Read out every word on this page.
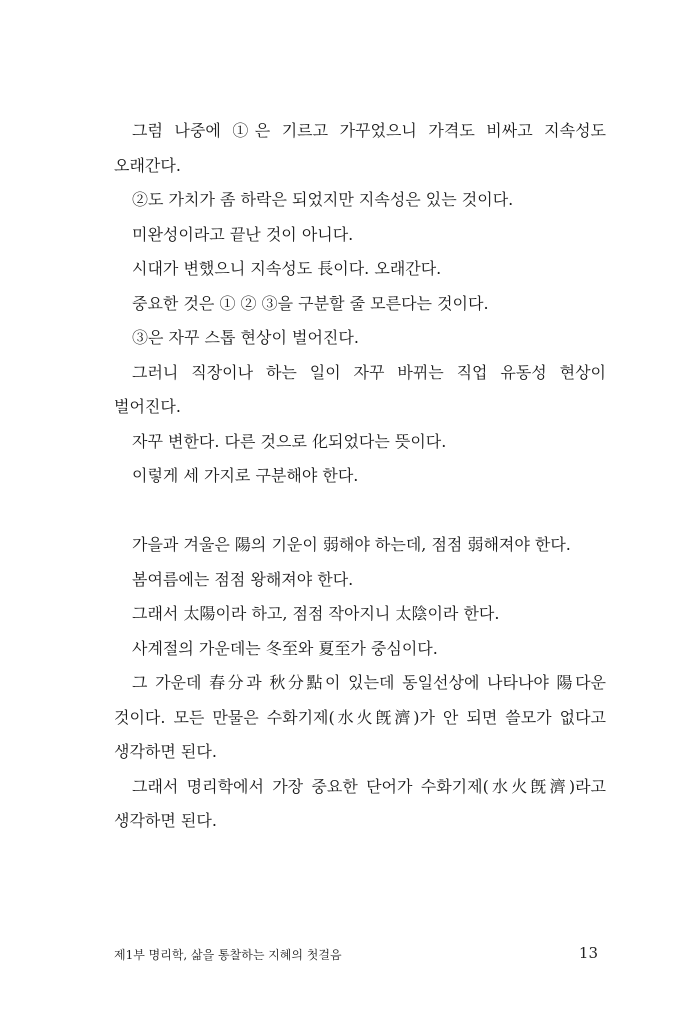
그럼 나중에 ①은 기르고 가꾸었으니 가격도 비싸고 지속성도 오래간다.

②도 가치가 좀 하락은 되었지만 지속성은 있는 것이다.

미완성이라고 끝난 것이 아니다.

시대가 변했으니 지속성도 長이다. 오래간다.

중요한 것은 ① ② ③을 구분할 줄 모른다는 것이다.

③은 자꾸 스톱 현상이 벌어진다.

그러니 직장이나 하는 일이 자꾸 바뀌는 직업 유동성 현상이 벌어진다.

자꾸 변한다. 다른 것으로 化되었다는 뜻이다.

이렇게 세 가지로 구분해야 한다.

가을과 겨울은 陽의 기운이 弱해야 하는데, 점점 弱해져야 한다.

봄여름에는 점점 왕해져야 한다.

그래서 太陽이라 하고, 점점 작아지니 太陰이라 한다.

사계절의 가운데는 冬至와 夏至가 중심이다.

그 가운데 春分과 秋分點이 있는데 동일선상에 나타나야 陽다운 것이다. 모든 만물은 수화기제(水火旣濟)가 안 되면 쓸모가 없다고 생각하면 된다.

그래서 명리학에서 가장 중요한 단어가 수화기제(水火旣濟)라고 생각하면 된다.

제1부 명리학, 삶을 통찰하는 지혜의 첫걸음	13
